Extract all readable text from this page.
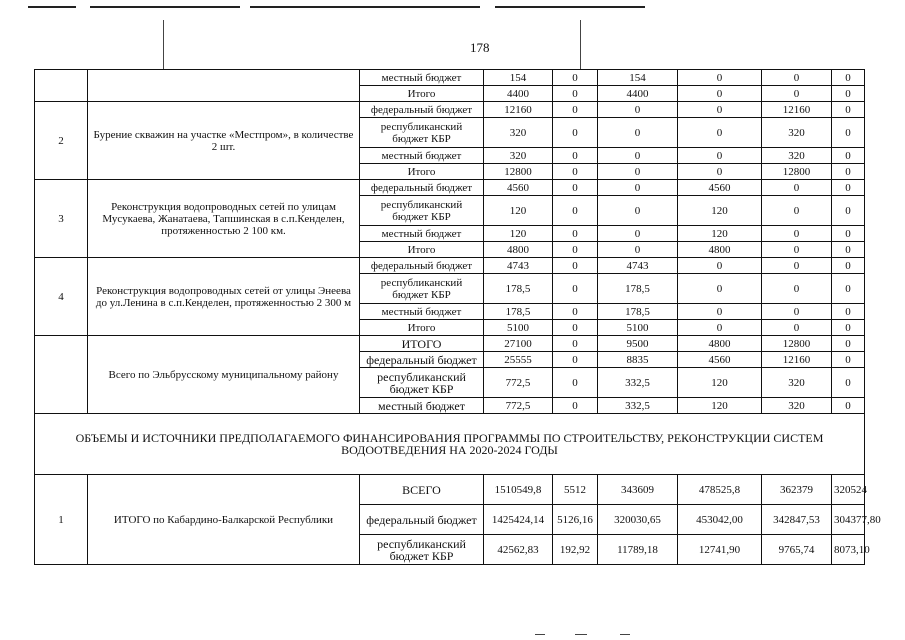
178
		местный бюджет	154	0	154	0	0	0
		Итого	4400	0	4400	0	0	0
2	Бурение скважин на участке «Местпром», в количестве 2 шт.	федеральный бюджет	12160	0	0	0	12160	0
		республиканский бюджет КБР	320	0	0	0	320	0
		местный бюджет	320	0	0	0	320	0
		Итого	12800	0	0	0	12800	0
3	Реконструкция водопроводных сетей по улицам Мусукаева, Жанатаева, Тапшинская в с.п.Кенделен, протяженностью 2 100 км.	федеральный бюджет	4560	0	0	4560	0	0
		республиканский бюджет КБР	120	0	0	120	0	0
		местный бюджет	120	0	0	120	0	0
		Итого	4800	0	0	4800	0	0
4	Реконструкция водопроводных сетей от улицы Энеева до ул.Ленина в с.п.Кенделен, протяженностью 2 300 м	федеральный бюджет	4743	0	4743	0	0	0
		республиканский бюджет КБР	178,5	0	178,5	0	0	0
		местный бюджет	178,5	0	178,5	0	0	0
		Итого	5100	0	5100	0	0	0
	Всего по Эльбрусскому муниципальному району	ИТОГО	27100	0	9500	4800	12800	0
		федеральный бюджет	25555	0	8835	4560	12160	0
		республиканский бюджет КБР	772,5	0	332,5	120	320	0
		местный бюджет	772,5	0	332,5	120	320	0
ОБЪЕМЫ И ИСТОЧНИКИ ПРЕДПОЛАГАЕМОГО ФИНАНСИРОВАНИЯ ПРОГРАММЫ ПО СТРОИТЕЛЬСТВУ, РЕКОНСТРУКЦИИ СИСТЕМ ВОДООТВЕДЕНИЯ НА 2020-2024 ГОДЫ								
1	ИТОГО по Кабардино-Балкарской Республики	ВСЕГО	1510549,8	5512	343609	478525,8	362379	320524
		федеральный бюджет	1425424,14	5126,16	320030,65	453042,00	342847,53	304377,80
		республиканский бюджет КБР	42562,83	192,92	11789,18	12741,90	9765,74	8073,10
